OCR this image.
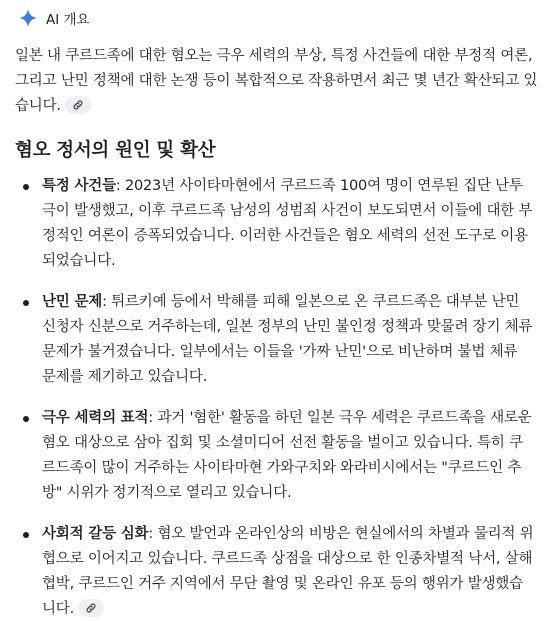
AI 개요
일본 내 쿠르드족에 대한 혐오는 극우 세력의 부상, 특정 사건들에 대한 부정적 여론, 그리고 난민 정책에 대한 논쟁 등이 복합적으로 작용하면서 최근 몇 년간 확산되고 있습니다.
혐오 정서의 원인 및 확산
특정 사건들: 2023년 사이타마현에서 쿠르드족 100여 명이 연루된 집단 난투극이 발생했고, 이후 쿠르드족 남성의 성범죄 사건이 보도되면서 이들에 대한 부정적인 여론이 증폭되었습니다. 이러한 사건들은 혐오 세력의 선전 도구로 이용되었습니다.
난민 문제: 튀르키예 등에서 박해를 피해 일본으로 온 쿠르드족은 대부분 난민 신청자 신분으로 거주하는데, 일본 정부의 난민 불인정 정책과 맞물려 장기 체류 문제가 불거졌습니다. 일부에서는 이들을 '가짜 난민'으로 비난하며 불법 체류 문제를 제기하고 있습니다.
극우 세력의 표적: 과거 '혐한' 활동을 하던 일본 극우 세력은 쿠르드족을 새로운 혐오 대상으로 삼아 집회 및 소셜미디어 선전 활동을 벌이고 있습니다. 특히 쿠르드족이 많이 거주하는 사이타마현 가와구치와 와라비시에서는 "쿠르드인 추방" 시위가 정기적으로 열리고 있습니다.
사회적 갈등 심화: 혐오 발언과 온라인상의 비방은 현실에서의 차별과 물리적 위협으로 이어지고 있습니다. 쿠르드족 상점을 대상으로 한 인종차별적 낙서, 살해 협박, 쿠르드인 거주 지역에서 무단 촬영 및 온라인 유포 등의 행위가 발생했습니다.
